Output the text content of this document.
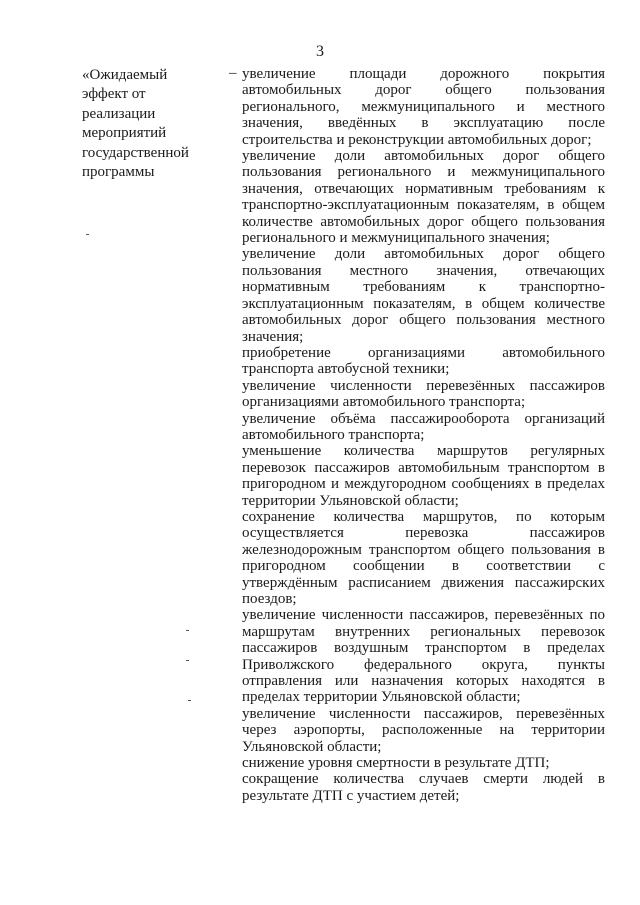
3
«Ожидаемый
эффект от
реализации
мероприятий
государственной
программы
– увеличение площади дорожного покрытия автомобильных дорог общего пользования регионального, межмуниципального и местного значения, введённых в эксплуатацию после строительства и реконструкции автомобильных дорог;

увеличение доли автомобильных дорог общего пользования регионального и межмуниципального значения, отвечающих нормативным требованиям к транспортно-эксплуатационным показателям, в общем количестве автомобильных дорог общего пользования регионального и межмуниципального значения;

увеличение доли автомобильных дорог общего пользования местного значения, отвечающих нормативным требованиям к транспортно-эксплуатационным показателям, в общем количестве автомобильных дорог общего пользования местного значения;

приобретение организациями автомобильного транспорта автобусной техники;

увеличение численности перевезённых пассажиров организациями автомобильного транспорта;

увеличение объёма пассажирооборота организаций автомобильного транспорта;

уменьшение количества маршрутов регулярных перевозок пассажиров автомобильным транспортом в пригородном и междугородном сообщениях в пределах территории Ульяновской области;

сохранение количества маршрутов, по которым осуществляется перевозка пассажиров железнодорожным транспортом общего пользования в пригородном сообщении в соответствии с утверждённым расписанием движения пассажирских поездов;

увеличение численности пассажиров, перевезённых по маршрутам внутренних региональных перевозок пассажиров воздушным транспортом в пределах Приволжского федерального округа, пункты отправления или назначения которых находятся в пределах территории Ульяновской области;

увеличение численности пассажиров, перевезённых через аэропорты, расположенные на территории Ульяновской области;

снижение уровня смертности в результате ДТП;

сокращение количества случаев смерти людей в результате ДТП с участием детей;
